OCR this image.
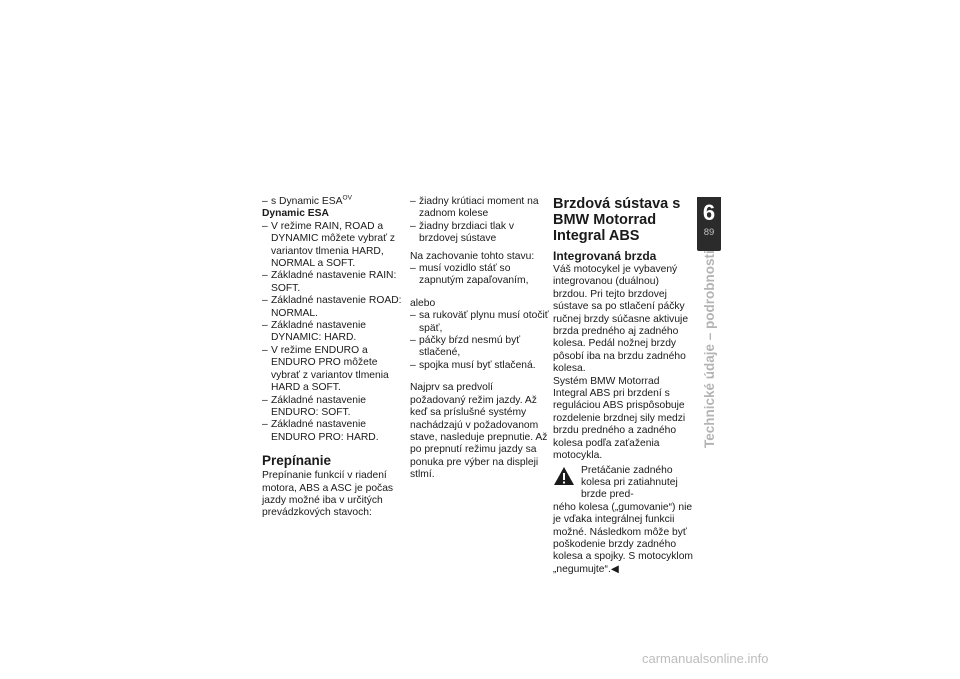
– s Dynamic $ESA^{OV}$

Dynamic ESA

– V režime RAIN, ROAD a DYNAMIC môžete vybrať z variantov tlmenia HARD, NORMAL a SOFT.

– Základné nastavenie RAIN: SOFT.

– Základné nastavenie ROAD: NORMAL.

– Základné nastavenie DYNAMIC: HARD.

– V režime ENDURO a ENDURO PRO môžete vybrať z variantov tlmenia HARD a SOFT.

– Základné nastavenie ENDURO: SOFT.

– Základné nastavenie ENDURO PRO: HARD.

Prepínanie

Prepínanie funkcií v riadení motora, ABS a ASC je počas jazdy možné iba v určitých prevádzkových stavoch:

– žiadny krútiaci moment na zadnom kolese

– žiadny brzdiaci tlak v brzdovej sústave

Na zachovanie tohto stavu:

– musí vozidlo stáť so zapnutým zapaľovaním,

alebo

– sa rukoväť plynu musí otočiť späť,

– páčky bŕzd nesmú byť stlačené,

– spojka musí byť stlačená.

Najprv sa predvolí požadovaný režim jazdy. Až keď sa príslušné systémy nachádzajú v požadovanom stave, nasleduje prepnutie. Až po prepnutí režimu jazdy sa ponuka pre výber na displeji stlmí.

Brzdová sústava s BMW Motorrad Integral ABS

Integrovaná brzda

Váš motocykel je vybavený integrovanou (duálnou) brzdou. Pri tejto brzdovej sústave sa po stlačení páčky ručnej brzdy súčasne aktivuje brzda predného aj zadného kolesa. Pedál nožnej brzdy pôsobí iba na brzdu zadného kolesa.

Systém BMW Motorrad Integral ABS pri brzdení s reguláciou ABS prispôsobuje rozdelenie brzdnej sily medzi brzdu predného a zadného kolesa podľa zaťaženia motocykla.

Pretáčanie zadného kolesa pri zatiahnutej brzde pred-

ného kolesa („gumovanie“) nie je vďaka integrálnej funkcii možné. Následkom môže byť poškodenie brzdy zadného kolesa a spojky. S motocyklom „negumujte“.◀

6
89
Technické údaje – podrobnosti
carmanualsonline.info
